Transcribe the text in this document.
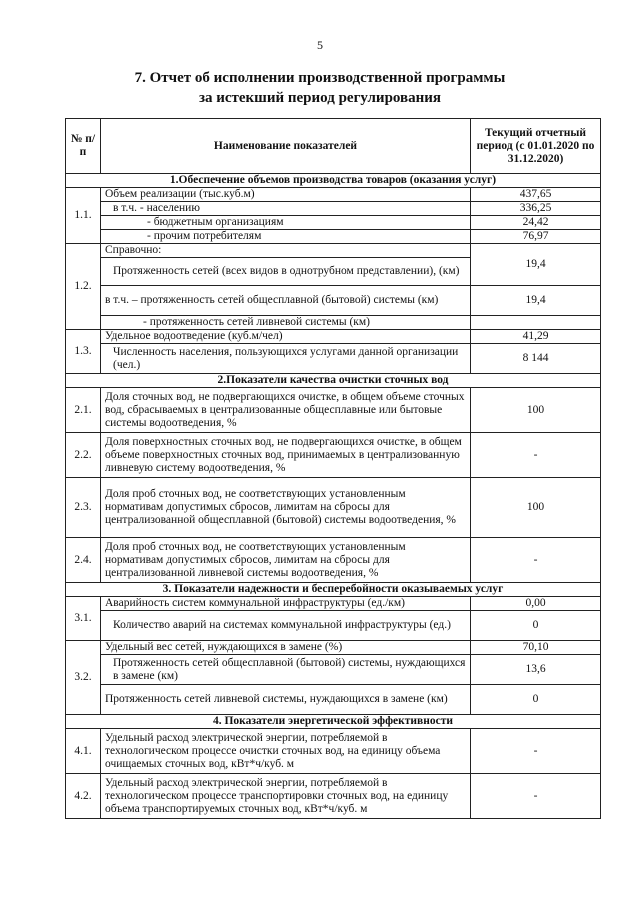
5
7. Отчет об исполнении производственной программы
за истекший период регулирования
№ п/п	Наименование показателей	Текущий отчетный период (с 01.01.2020 по 31.12.2020)
1.Обеспечение объемов производства товаров (оказания услуг)		
1.1.	Объем реализации (тыс.куб.м)	437,65
	в т.ч. - населению	336,25
	- бюджетным организациям	24,42
	- прочим потребителям	76,97
1.2.	Справочно:	19,4
	Протяженность сетей (всех видов в однотрубном представлении), (км)	
	в т.ч. – протяженность сетей общесплавной (бытовой) системы (км)	19,4
	- протяженность сетей ливневой системы (км)	
1.3.	Удельное водоотведение (куб.м/чел)	41,29
	Численность населения, пользующихся услугами данной организации (чел.)	8 144
2.Показатели качества очистки сточных вод		
2.1.	Доля сточных вод, не подвергающихся очистке, в общем объеме сточных вод, сбрасываемых в централизованные общесплавные или бытовые системы водоотведения, %	100
2.2.	Доля поверхностных сточных вод, не подвергающихся очистке, в общем объеме поверхностных сточных вод, принимаемых в централизованную ливневую систему водоотведения, %	-
2.3.	Доля проб сточных вод, не соответствующих установленным нормативам допустимых сбросов, лимитам на сбросы для централизованной общесплавной (бытовой) системы водоотведения, %	100
2.4.	Доля проб сточных вод, не соответствующих установленным нормативам допустимых сбросов, лимитам на сбросы для централизованной ливневой системы водоотведения, %	-
3. Показатели надежности и бесперебойности оказываемых услуг		
3.1.	Аварийность систем коммунальной инфраструктуры (ед./км)	0,00
	Количество аварий на системах коммунальной инфраструктуры (ед.)	0
3.2.	Удельный вес сетей, нуждающихся в замене (%)	70,10
	Протяженность сетей общесплавной (бытовой) системы, нуждающихся в замене (км)	13,6
	Протяженность сетей ливневой системы, нуждающихся в замене (км)	0
4. Показатели энергетической эффективности		
4.1.	Удельный расход электрической энергии, потребляемой в технологическом процессе очистки сточных вод, на единицу объема очищаемых сточных вод, кВт*ч/куб. м	-
4.2.	Удельный расход электрической энергии, потребляемой в технологическом процессе транспортировки сточных вод, на единицу объема транспортируемых сточных вод, кВт*ч/куб. м	-
